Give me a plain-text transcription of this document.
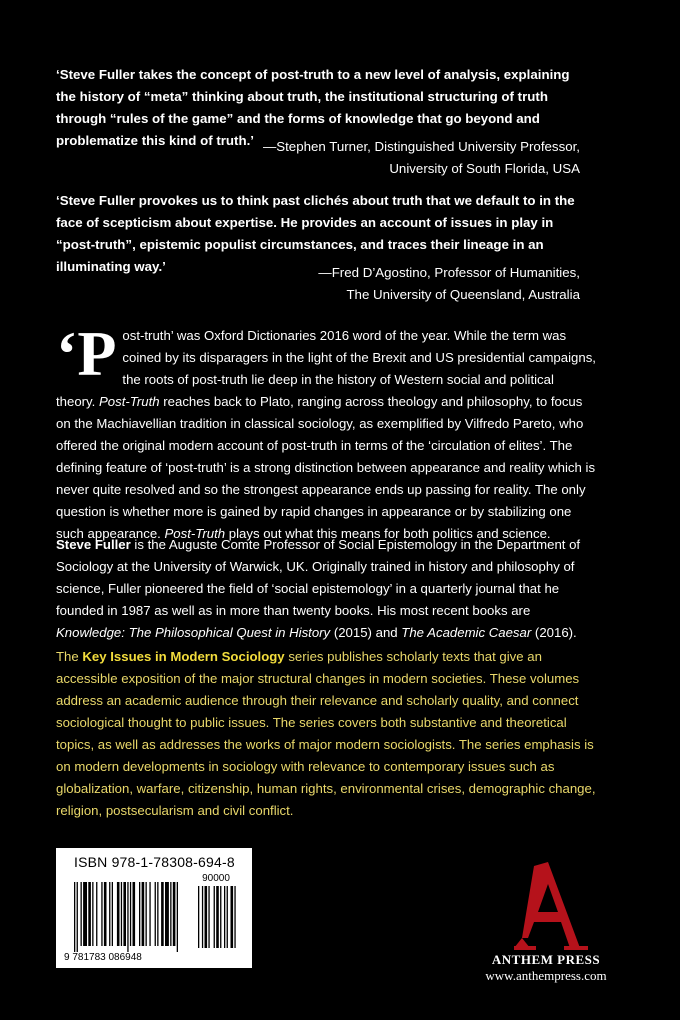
‘Steve Fuller takes the concept of post-truth to a new level of analysis, explaining the history of “meta” thinking about truth, the institutional structuring of truth through “rules of the game” and the forms of knowledge that go beyond and problematize this kind of truth.’ —Stephen Turner, Distinguished University Professor,
University of South Florida, USA
‘Steve Fuller provokes us to think past clichés about truth that we default to in the face of scepticism about expertise. He provides an account of issues in play in “post-truth”, epistemic populist circumstances, and traces their lineage in an illuminating way.’	—Fred D’Agostino, Professor of Humanities,
The University of Queensland, Australia
‘Post-truth’ was Oxford Dictionaries 2016 word of the year. While the term was coined by its disparagers in the light of the Brexit and US presidential campaigns, the roots of post-truth lie deep in the history of Western social and political theory. Post-Truth reaches back to Plato, ranging across theology and philosophy, to focus on the Machiavellian tradition in classical sociology, as exemplified by Vilfredo Pareto, who offered the original modern account of post-truth in terms of the ‘circulation of elites’. The defining feature of ‘post-truth’ is a strong distinction between appearance and reality which is never quite resolved and so the strongest appearance ends up passing for reality. The only question is whether more is gained by rapid changes in appearance or by stabilizing one such appearance. Post-Truth plays out what this means for both politics and science.
Steve Fuller is the Auguste Comte Professor of Social Epistemology in the Department of Sociology at the University of Warwick, UK. Originally trained in history and philosophy of science, Fuller pioneered the field of ‘social epistemology’ in a quarterly journal that he founded in 1987 as well as in more than twenty books. His most recent books are Knowledge: The Philosophical Quest in History (2015) and The Academic Caesar (2016).
The Key Issues in Modern Sociology series publishes scholarly texts that give an accessible exposition of the major structural changes in modern societies. These volumes address an academic audience through their relevance and scholarly quality, and connect sociological thought to public issues. The series covers both substantive and theoretical topics, as well as addresses the works of major modern sociologists. The series emphasis is on modern developments in sociology with relevance to contemporary issues such as globalization, warfare, citizenship, human rights, environmental crises, demographic change, religion, postsecularism and civil conflict.
ISBN 978-1-78308-694-8
90000
9 781783 086948	ANTHEM PRESS
www.anthempress.com
